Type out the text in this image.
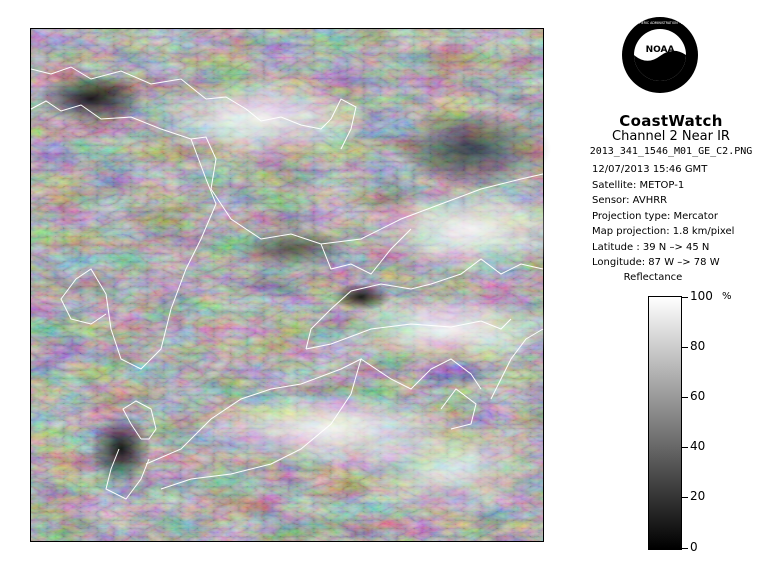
NOAA
NATIONAL OCEANIC AND ATMOSPHERIC ADMINISTRATION · U.S. DEPARTMENT OF COMMERCE
CoastWatch
Channel 2 Near IR
2013_341_1546_M01_GE_C2.PNG
12/07/2013 15:46 GMT
Satellite: METOP-1
Sensor: AVHRR
Projection type: Mercator
Map projection: 1.8 km/pixel
Latitude : 39 N –> 45 N
Longitude: 87 W –> 78 W
Reflectance
%
100
80
60
40
20
0
